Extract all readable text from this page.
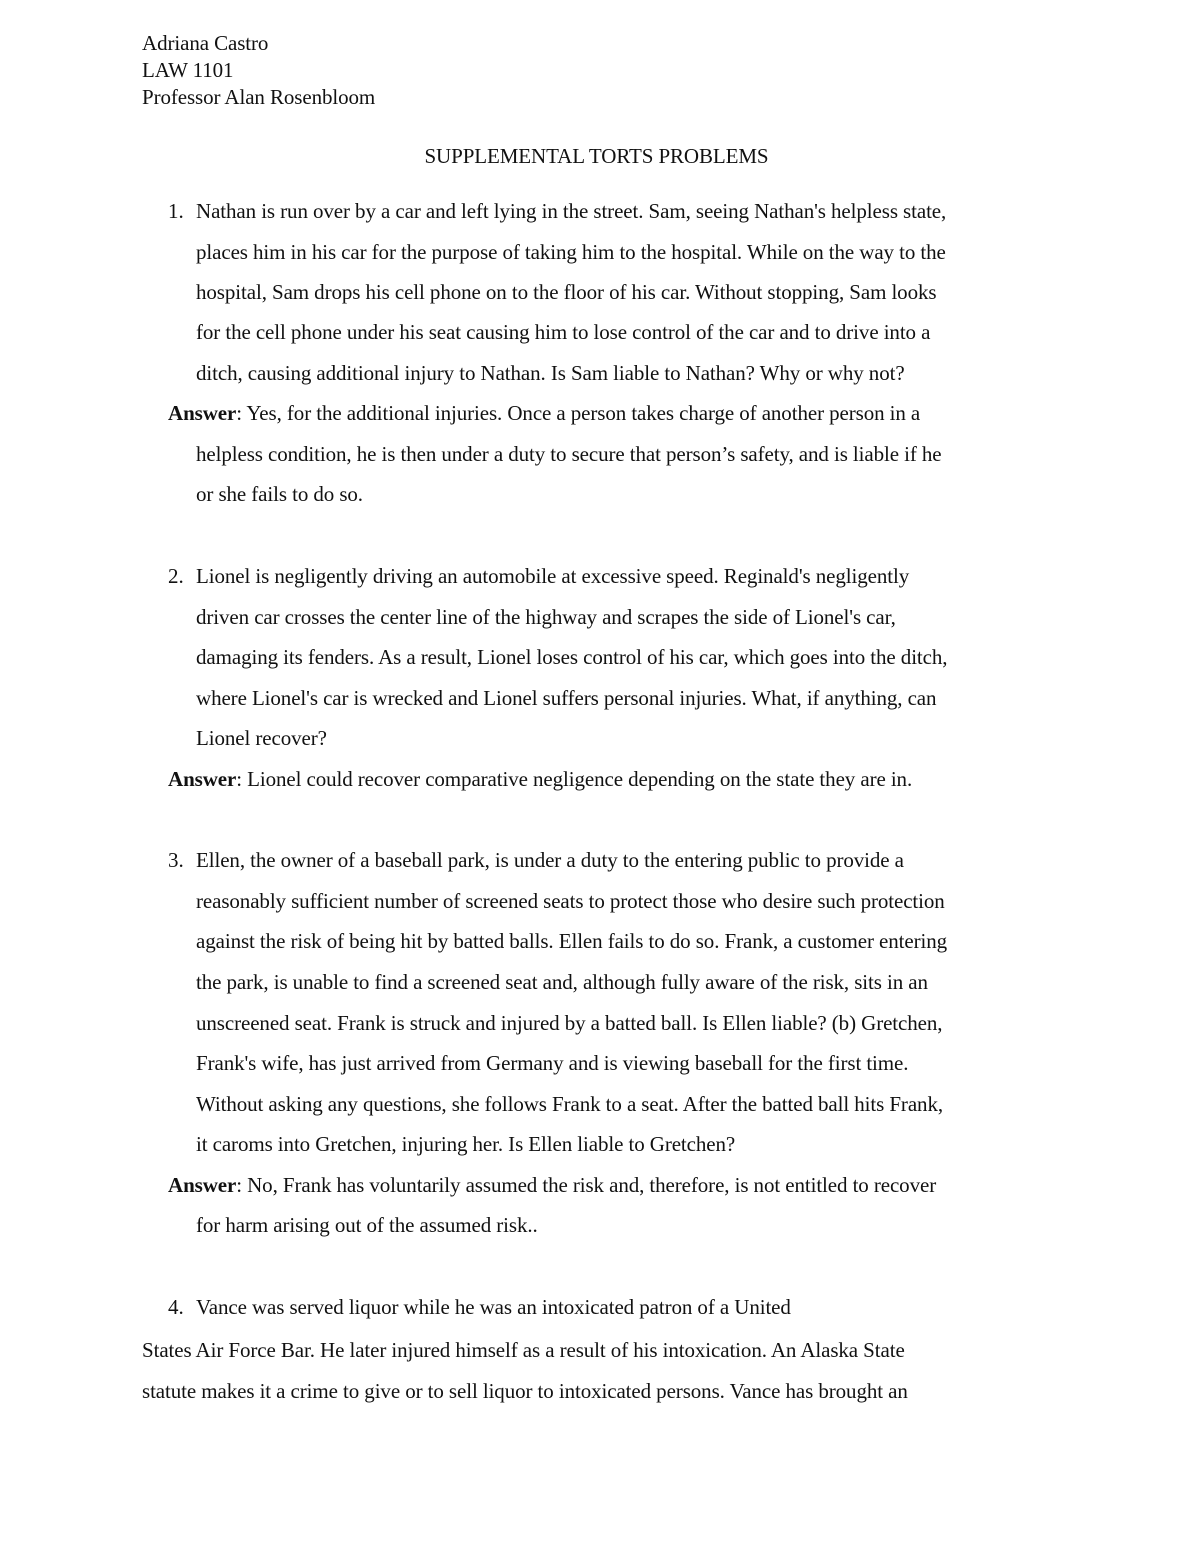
Adriana Castro
LAW 1101
Professor Alan Rosenbloom
SUPPLEMENTAL TORTS PROBLEMS
1. Nathan is run over by a car and left lying in the street. Sam, seeing Nathan's helpless state,
places him in his car for the purpose of taking him to the hospital. While on the way to the
hospital, Sam drops his cell phone on to the floor of his car. Without stopping, Sam looks
for the cell phone under his seat causing him to lose control of the car and to drive into a
ditch, causing additional injury to Nathan. Is Sam liable to Nathan? Why or why not?
Answer: Yes, for the additional injuries. Once a person takes charge of another person in a
helpless condition, he is then under a duty to secure that person’s safety, and is liable if he
or she fails to do so.
2. Lionel is negligently driving an automobile at excessive speed. Reginald's negligently
driven car crosses the center line of the highway and scrapes the side of Lionel's car,
damaging its fenders. As a result, Lionel loses control of his car, which goes into the ditch,
where Lionel's car is wrecked and Lionel suffers personal injuries. What, if anything, can
Lionel recover?
Answer: Lionel could recover comparative negligence depending on the state they are in.
3. Ellen, the owner of a baseball park, is under a duty to the entering public to provide a
reasonably sufficient number of screened seats to protect those who desire such protection
against the risk of being hit by batted balls. Ellen fails to do so. Frank, a customer entering
the park, is unable to find a screened seat and, although fully aware of the risk, sits in an
unscreened seat. Frank is struck and injured by a batted ball. Is Ellen liable? (b) Gretchen,
Frank's wife, has just arrived from Germany and is viewing baseball for the first time.
Without asking any questions, she follows Frank to a seat. After the batted ball hits Frank,
it caroms into Gretchen, injuring her. Is Ellen liable to Gretchen?
Answer: No, Frank has voluntarily assumed the risk and, therefore, is not entitled to recover
for harm arising out of the assumed risk..
4. Vance was served liquor while he was an intoxicated patron of a United
States Air Force Bar. He later injured himself as a result of his intoxication. An Alaska State
statute makes it a crime to give or to sell liquor to intoxicated persons. Vance has brought an
